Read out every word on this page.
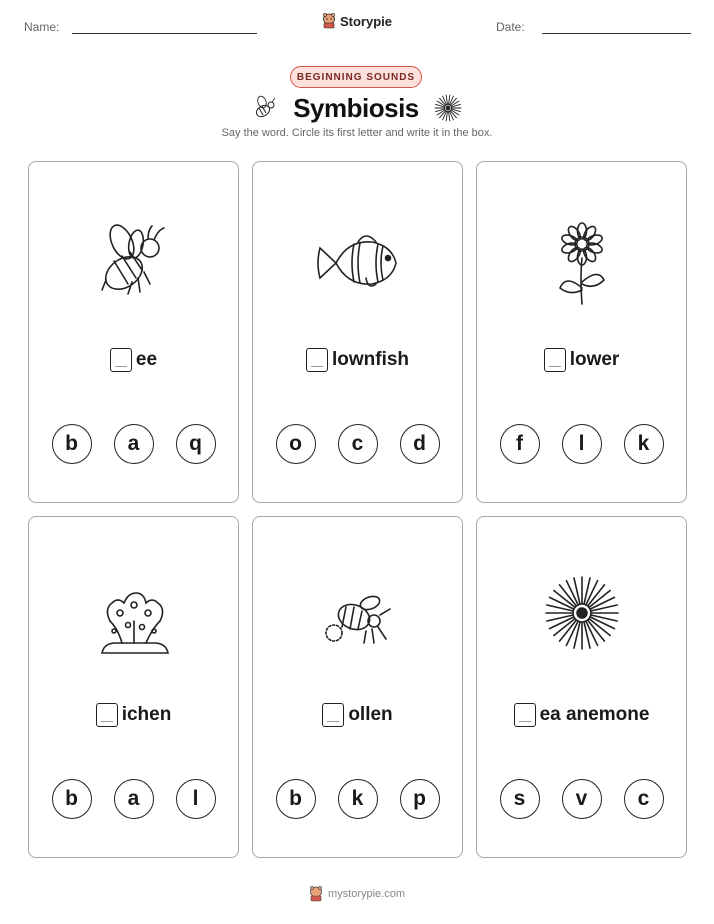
Name:	Date:
Storypie
BEGINNING SOUNDS
Symbiosis
Say the word. Circle its first letter and write it in the box.
ee
b	a	q
lownfish
o	c	d
lower
f	l	k
ichen
b	a	l
ollen
b	k	p
ea anemone
s	v	c
mystorypie.com
